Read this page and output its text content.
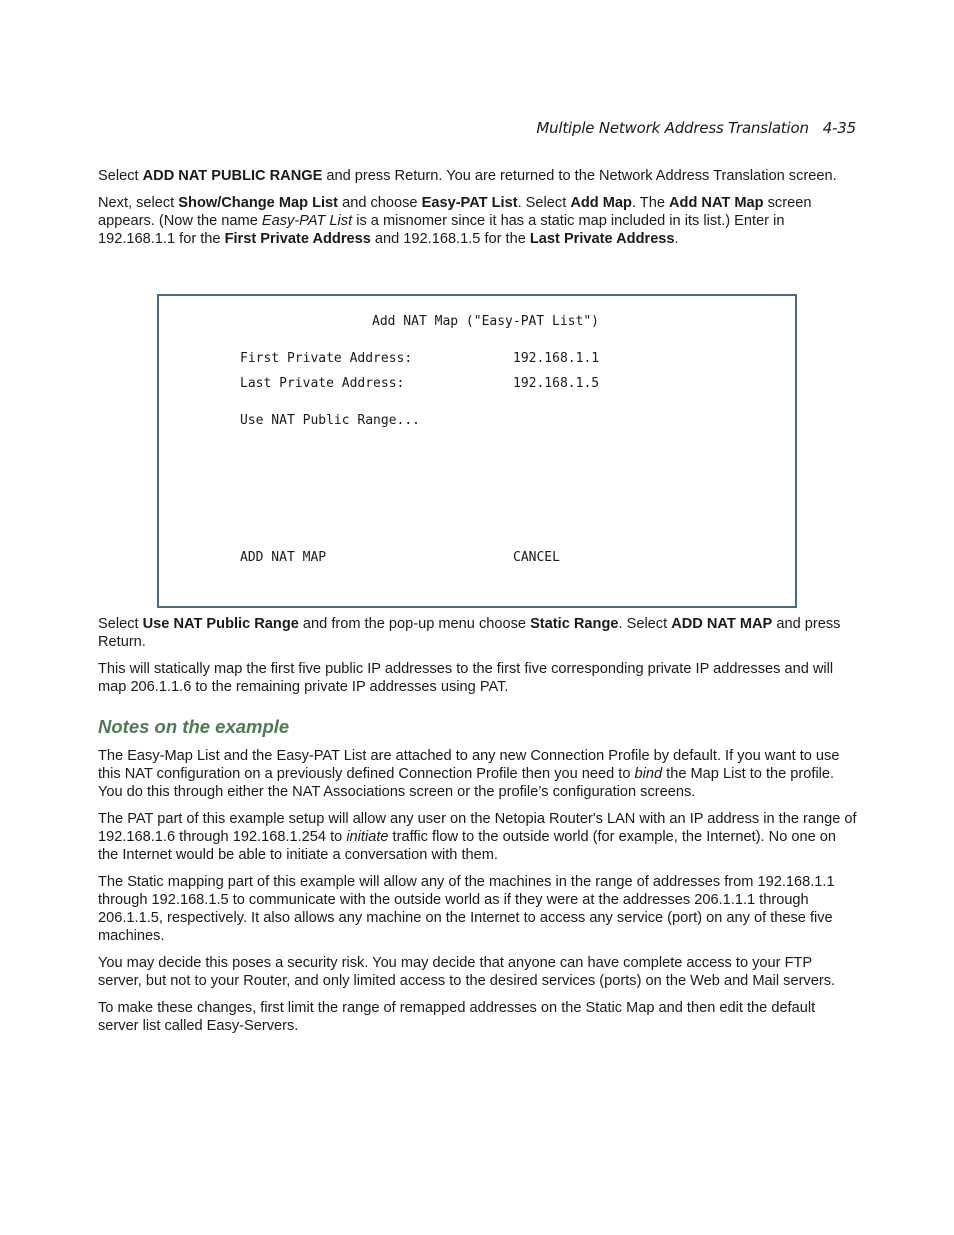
Multiple Network Address Translation 4-35

Select ADD NAT PUBLIC RANGE and press Return. You are returned to the Network Address Translation screen.

Next, select Show/Change Map List and choose Easy-PAT List. Select Add Map. The Add NAT Map screen appears. (Now the name Easy-PAT List is a misnomer since it has a static map included in its list.) Enter in 192.168.1.1 for the First Private Address and 192.168.1.5 for the Last Private Address.

Add NAT Map ("Easy-PAT List")
First Private Address:	192.168.1.1
Last Private Address:	192.168.1.5
Use NAT Public Range...
ADD NAT MAP	CANCEL

Select Use NAT Public Range and from the pop-up menu choose Static Range. Select ADD NAT MAP and press Return.

This will statically map the first five public IP addresses to the first five corresponding private IP addresses and will map 206.1.1.6 to the remaining private IP addresses using PAT.

Notes on the example

The Easy-Map List and the Easy-PAT List are attached to any new Connection Profile by default. If you want to use this NAT configuration on a previously defined Connection Profile then you need to bind the Map List to the profile. You do this through either the NAT Associations screen or the profile’s configuration screens.

The PAT part of this example setup will allow any user on the Netopia Router's LAN with an IP address in the range of 192.168.1.6 through 192.168.1.254 to initiate traffic flow to the outside world (for example, the Internet). No one on the Internet would be able to initiate a conversation with them.

The Static mapping part of this example will allow any of the machines in the range of addresses from 192.168.1.1 through 192.168.1.5 to communicate with the outside world as if they were at the addresses 206.1.1.1 through 206.1.1.5, respectively. It also allows any machine on the Internet to access any service (port) on any of these five machines.

You may decide this poses a security risk. You may decide that anyone can have complete access to your FTP server, but not to your Router, and only limited access to the desired services (ports) on the Web and Mail servers.

To make these changes, first limit the range of remapped addresses on the Static Map and then edit the default server list called Easy-Servers.
